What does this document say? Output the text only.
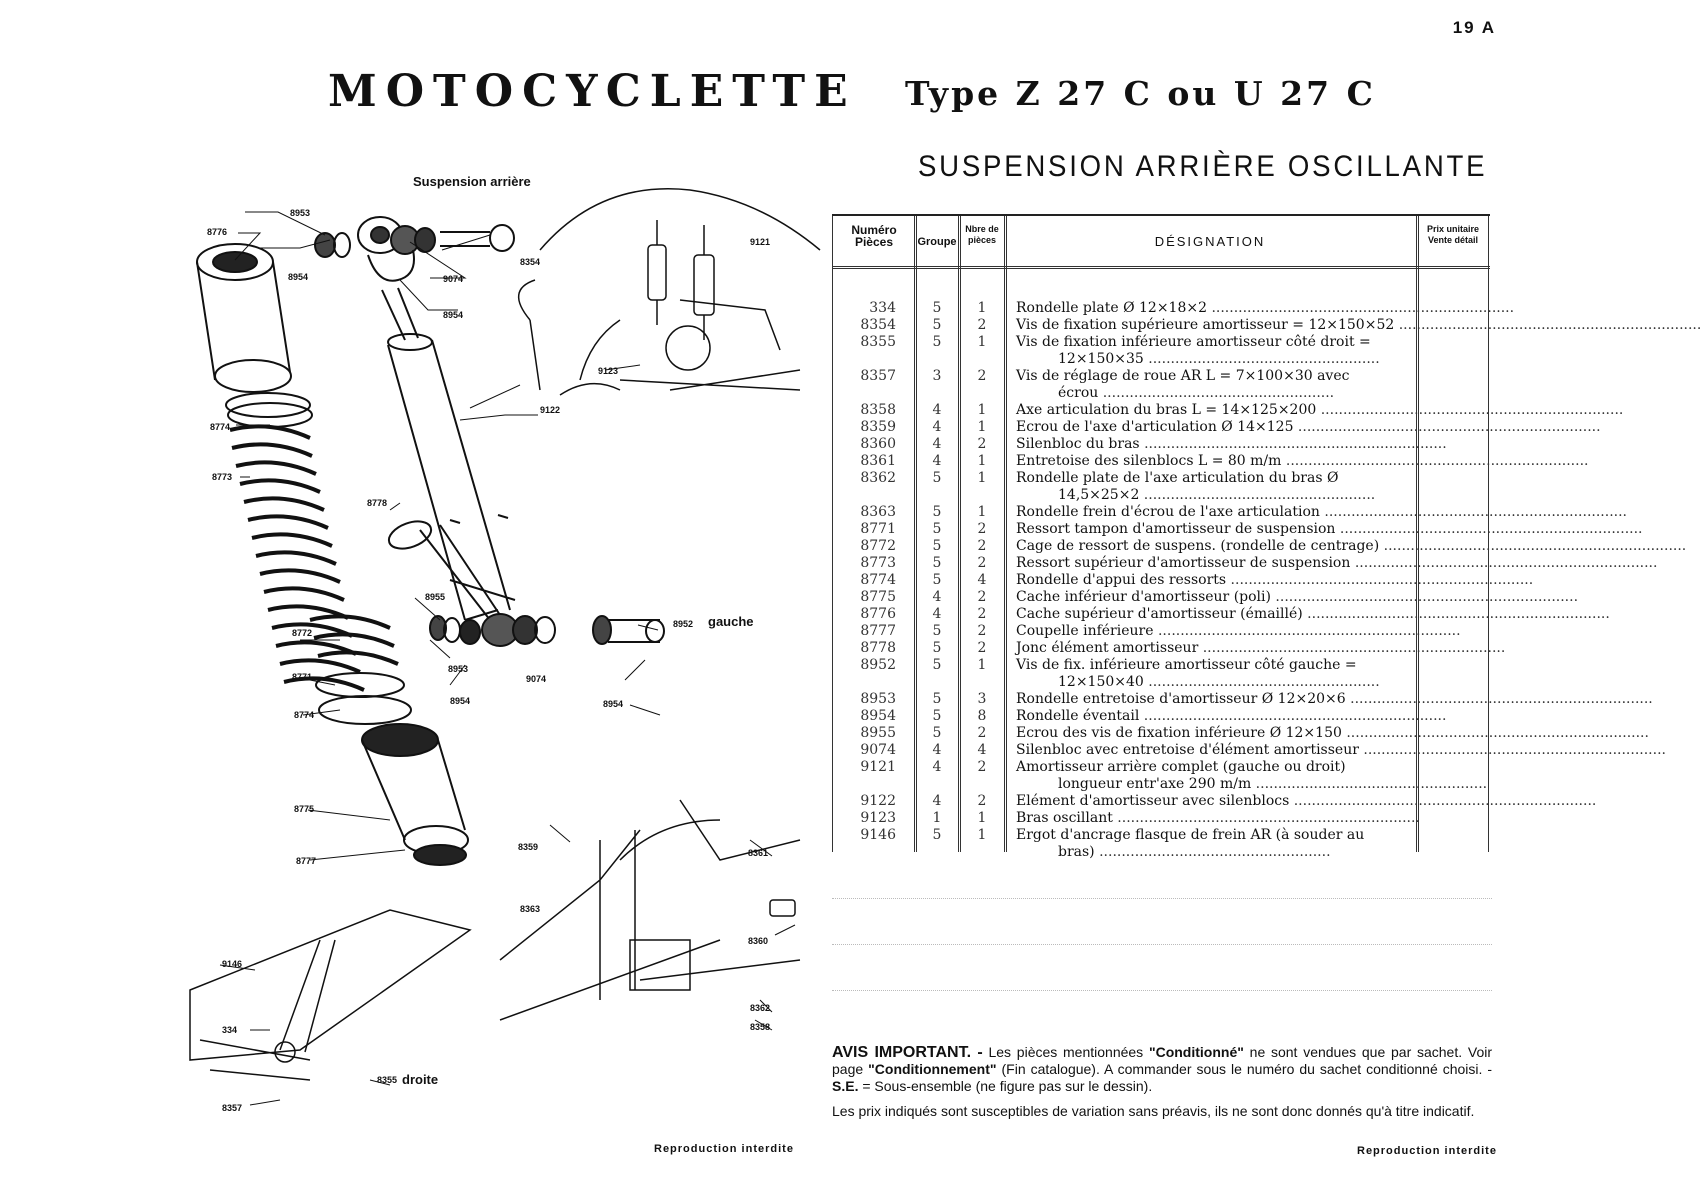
19 A
MOTOCYCLETTE Type Z 27 C ou U 27 C
SUSPENSION ARRIÈRE OSCILLANTE
Suspension arrière
8953
8776
8954	9074
8354
8954
9121
9123
9122
8774
8773
8778
8955
8952 gauche
8772
8953
8771
8954
9074
8954
8774
8775
8777
8359
8363
8361
8360
9146
334
8355 droite
8357
8362
8358
Numéro Pièces	Groupe
Nbre de pièces	DÉSIGNATION
Prix unitaire Vente détail
334	5	1	Rondelle plate Ø 12×18×2 ....................................................................
8354	5	2	Vis de fixation supérieure amortisseur = 12×150×52 ....................................................................
8355	5	1	Vis de fixation inférieure amortisseur côté droit =
12×150×35 ....................................................
8357	3	2	Vis de réglage de roue AR L = 7×100×30 avec
écrou ....................................................
8358	4	1	Axe articulation du bras L = 14×125×200 ....................................................................
8359	4	1	Ecrou de l'axe d'articulation Ø 14×125 ....................................................................
8360	4	2	Silenbloc du bras ....................................................................
8361	4	1	Entretoise des silenblocs L = 80 m/m ....................................................................
8362	5	1	Rondelle plate de l'axe articulation du bras Ø
14,5×25×2 ....................................................
8363	5	1	Rondelle frein d'écrou de l'axe articulation ....................................................................
8771	5	2	Ressort tampon d'amortisseur de suspension ....................................................................
8772	5	2	Cage de ressort de suspens. (rondelle de centrage) ....................................................................
8773	5	2	Ressort supérieur d'amortisseur de suspension ....................................................................
8774	5	4	Rondelle d'appui des ressorts ....................................................................
8775	4	2	Cache inférieur d'amortisseur (poli) ....................................................................
8776	4	2	Cache supérieur d'amortisseur (émaillé) ....................................................................
8777	5	2	Coupelle inférieure ....................................................................
8778	5	2	Jonc élément amortisseur ....................................................................
8952	5	1	Vis de fix. inférieure amortisseur côté gauche =
12×150×40 ....................................................
8953	5	3	Rondelle entretoise d'amortisseur Ø 12×20×6 ....................................................................
8954	5	8	Rondelle éventail ....................................................................
8955	5	2	Ecrou des vis de fixation inférieure Ø 12×150 ....................................................................
9074	4	4	Silenbloc avec entretoise d'élément amortisseur ....................................................................
9121	4	2	Amortisseur arrière complet (gauche ou droit)
longueur entr'axe 290 m/m ....................................................
9122	4	2	Elément d'amortisseur avec silenblocs ....................................................................
9123	1	1	Bras oscillant ....................................................................
9146	5	1	Ergot d'ancrage flasque de frein AR (à souder au
bras) ....................................................

AVIS IMPORTANT. - Les pièces mentionnées "Conditionné" ne sont vendues que par sachet. Voir page "Conditionnement" (Fin catalogue). A commander sous le numéro du sachet conditionné choisi. - S.E. = Sous-ensemble (ne figure pas sur le dessin).

Les prix indiqués sont susceptibles de variation sans préavis, ils ne sont donc donnés qu'à titre indicatif.

Reproduction interdite	Reproduction interdite
